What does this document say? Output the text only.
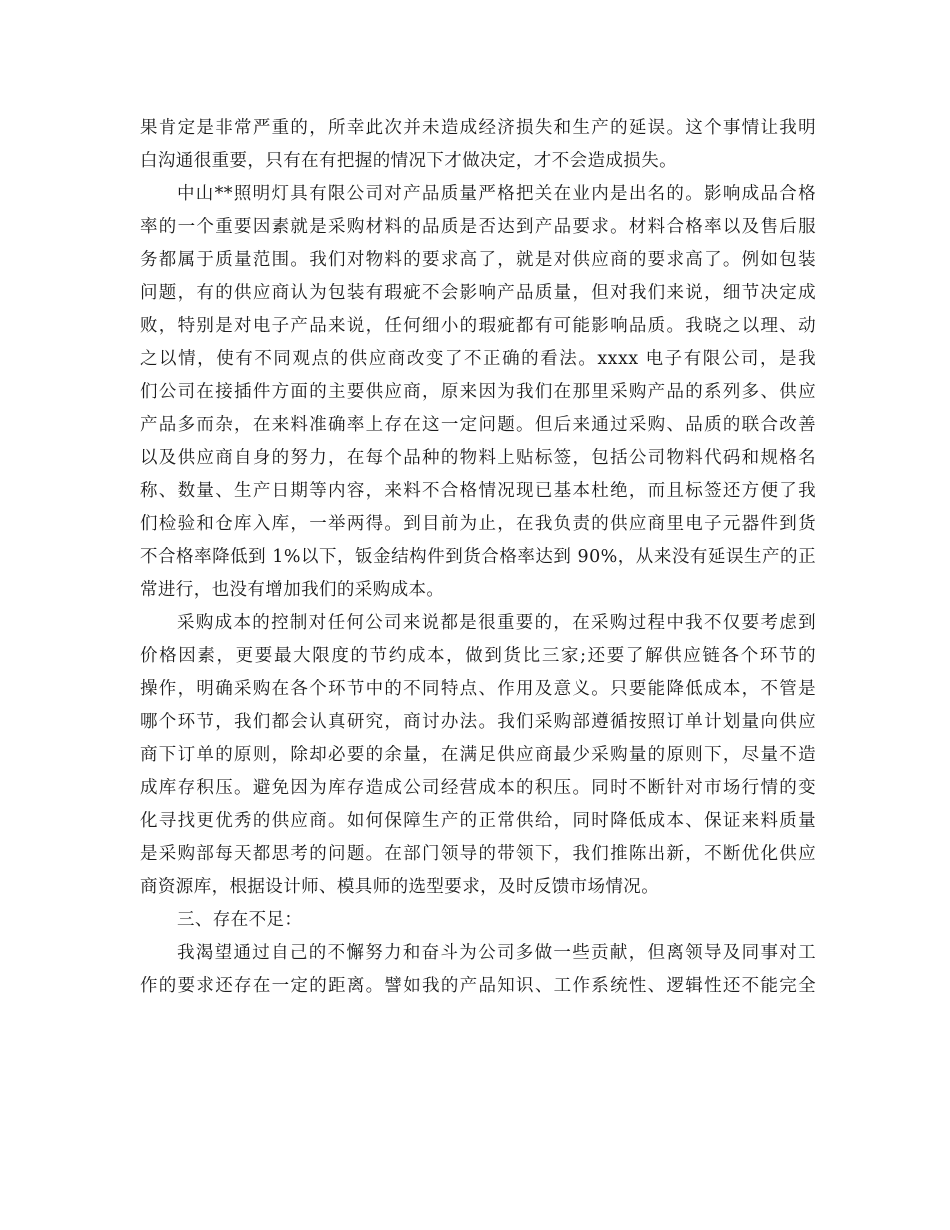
果肯定是非常严重的，所幸此次并未造成经济损失和生产的延误。这个事情让我明
白沟通很重要，只有在有把握的情况下才做决定，才不会造成损失。
中山**照明灯具有限公司对产品质量严格把关在业内是出名的。影响成品合格
率的一个重要因素就是采购材料的品质是否达到产品要求。材料合格率以及售后服
务都属于质量范围。我们对物料的要求高了，就是对供应商的要求高了。例如包装
问题，有的供应商认为包装有瑕疵不会影响产品质量，但对我们来说，细节决定成
败，特别是对电子产品来说，任何细小的瑕疵都有可能影响品质。我晓之以理、动
之以情，使有不同观点的供应商改变了不正确的看法。xxxx 电子有限公司，是我
们公司在接插件方面的主要供应商，原来因为我们在那里采购产品的系列多、供应
产品多而杂，在来料准确率上存在这一定问题。但后来通过采购、品质的联合改善
以及供应商自身的努力，在每个品种的物料上贴标签，包括公司物料代码和规格名
称、数量、生产日期等内容，来料不合格情况现已基本杜绝，而且标签还方便了我
们检验和仓库入库，一举两得。到目前为止，在我负责的供应商里电子元器件到货
不合格率降低到 1%以下，钣金结构件到货合格率达到 90%，从来没有延误生产的正
常进行，也没有增加我们的采购成本。
采购成本的控制对任何公司来说都是很重要的，在采购过程中我不仅要考虑到
价格因素，更要最大限度的节约成本，做到货比三家;还要了解供应链各个环节的
操作，明确采购在各个环节中的不同特点、作用及意义。只要能降低成本，不管是
哪个环节，我们都会认真研究，商讨办法。我们采购部遵循按照订单计划量向供应
商下订单的原则，除却必要的余量，在满足供应商最少采购量的原则下，尽量不造
成库存积压。避免因为库存造成公司经营成本的积压。同时不断针对市场行情的变
化寻找更优秀的供应商。如何保障生产的正常供给，同时降低成本、保证来料质量
是采购部每天都思考的问题。在部门领导的带领下，我们推陈出新，不断优化供应
商资源库，根据设计师、模具师的选型要求，及时反馈市场情况。
三、存在不足：
我渴望通过自己的不懈努力和奋斗为公司多做一些贡献，但离领导及同事对工
作的要求还存在一定的距离。譬如我的产品知识、工作系统性、逻辑性还不能完全
